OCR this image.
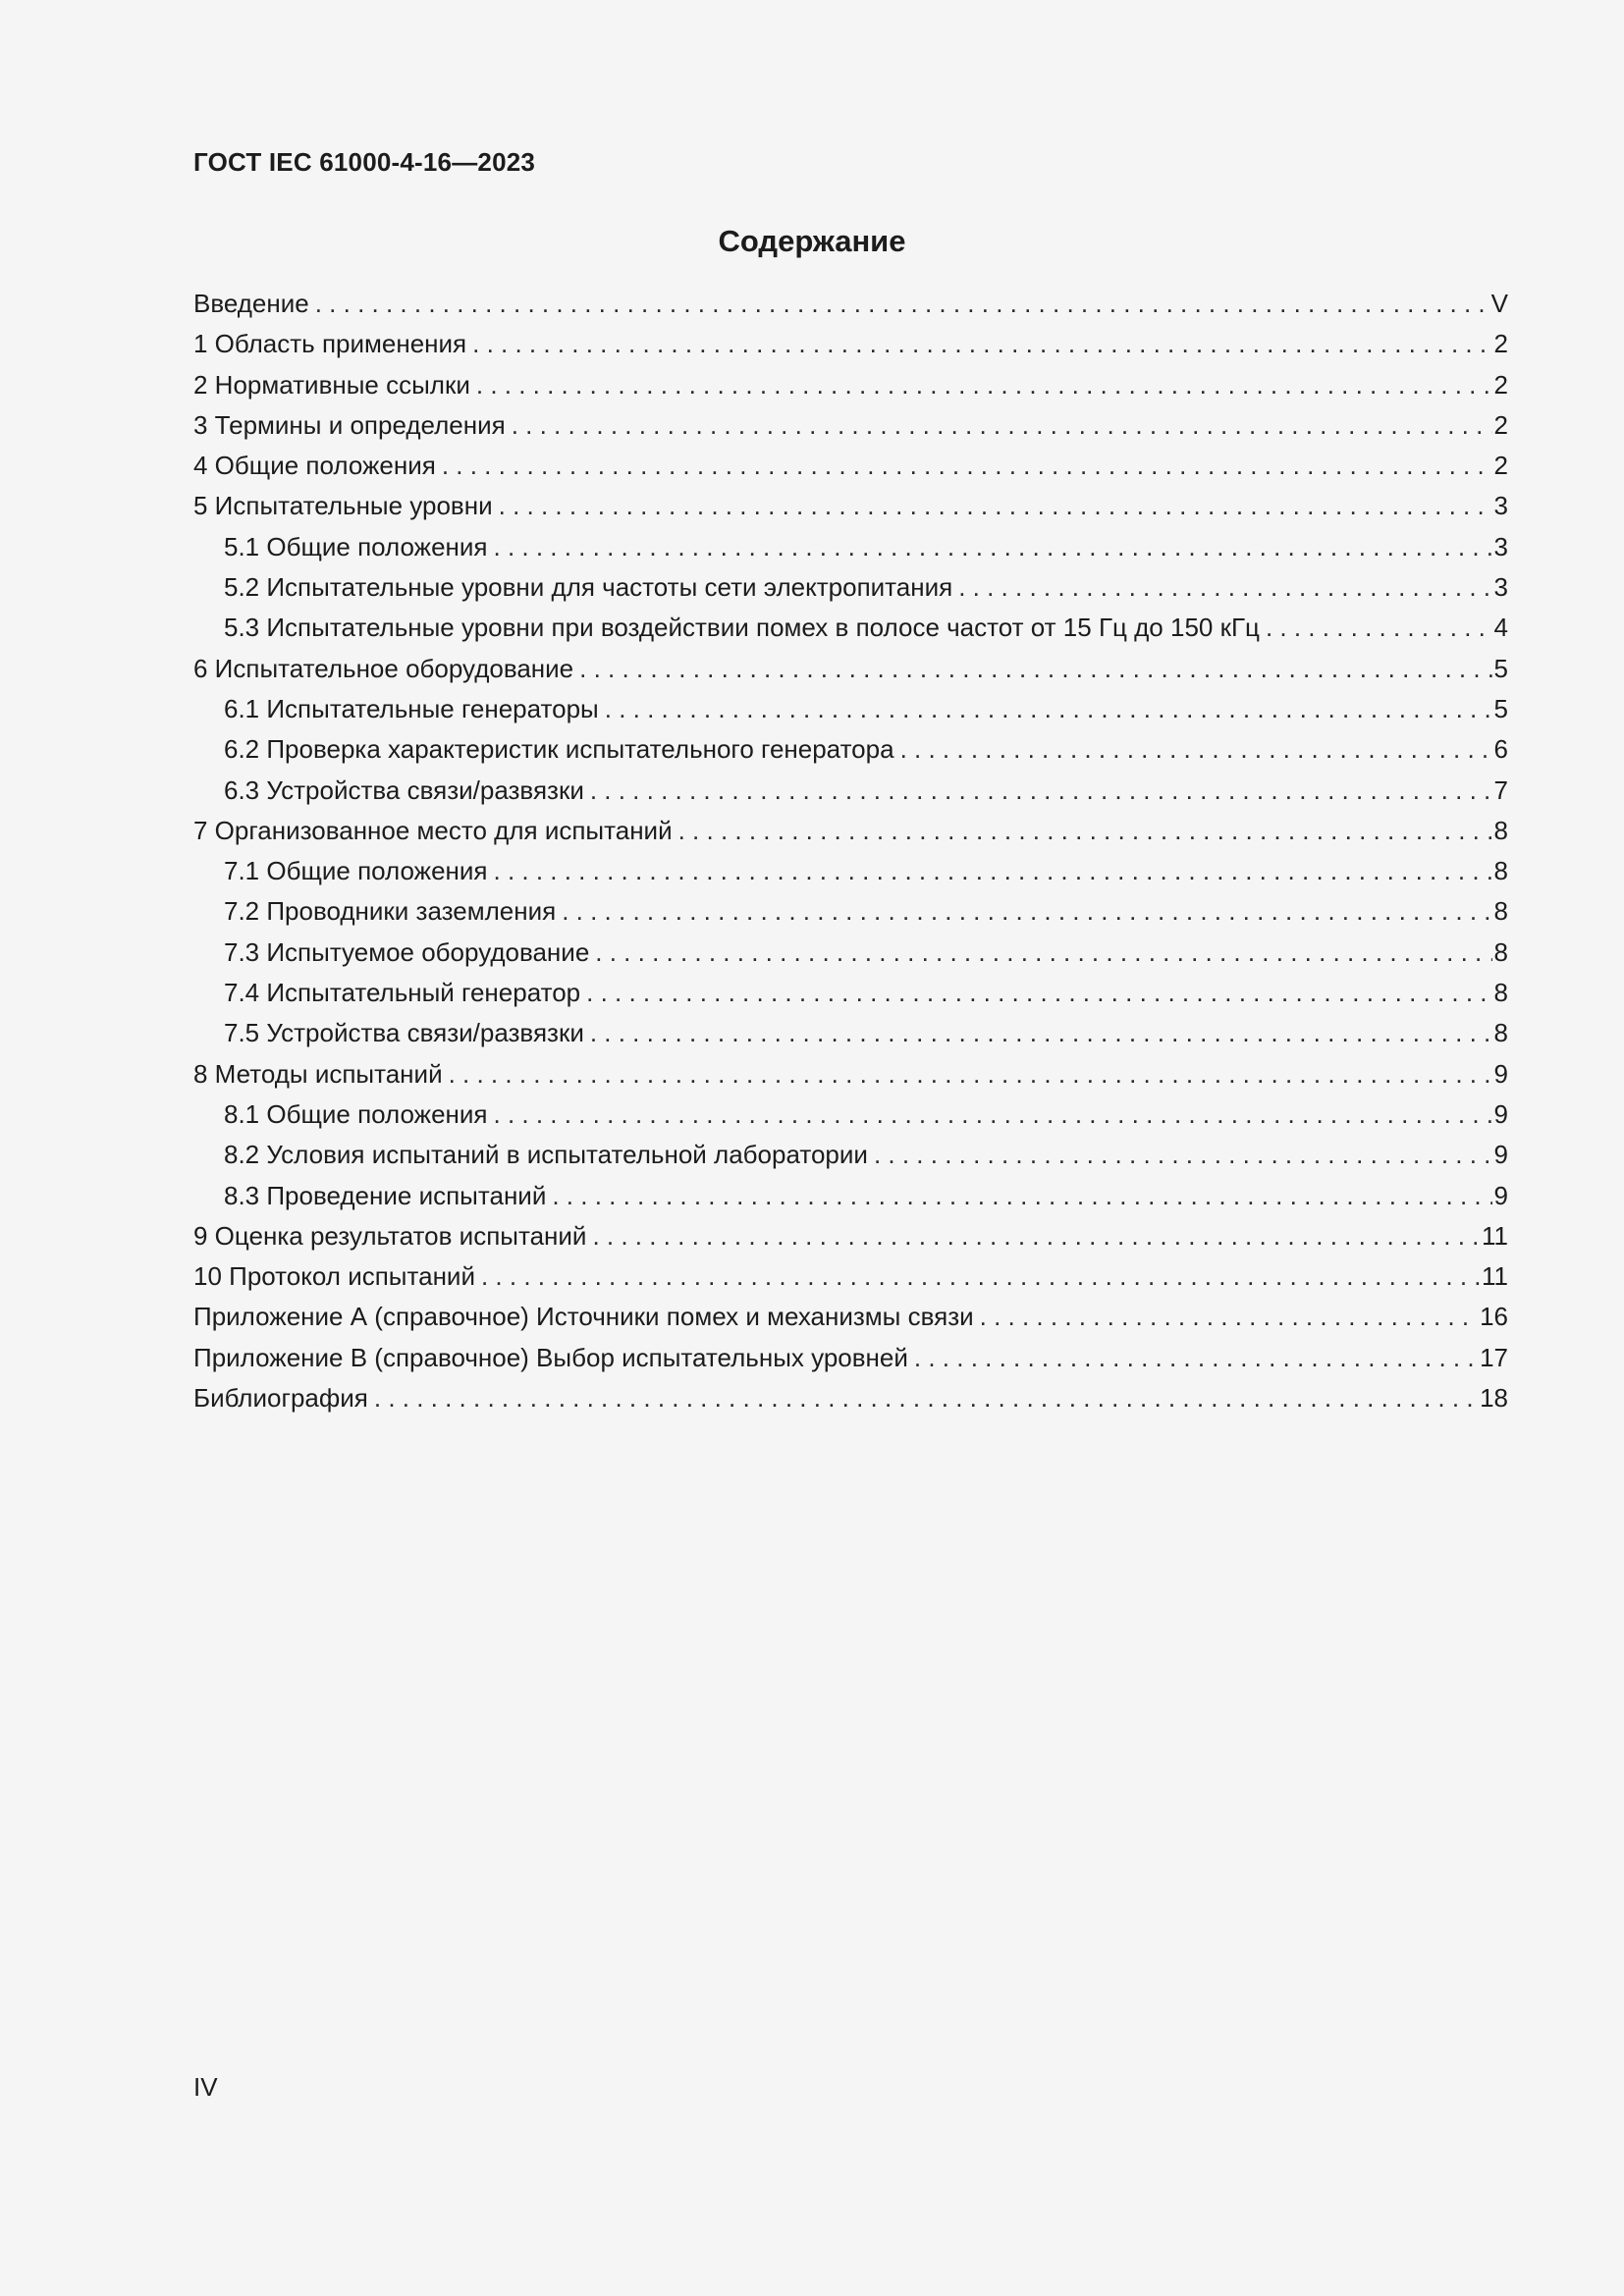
ГОСТ IEC 61000-4-16—2023
Содержание
Введение . . .	V
1 Область применения . . .	2
2 Нормативные ссылки . . .	2
3 Термины и определения . . .	2
4 Общие положения . . .	2
5 Испытательные уровни . . .	3
5.1 Общие положения . . .	3
5.2 Испытательные уровни для частоты сети электропитания . . .	3
5.3 Испытательные уровни при воздействии помех в полосе частот от 15 Гц до 150 кГц . . .	4
6 Испытательное оборудование . . .	5
6.1 Испытательные генераторы . . .	5
6.2 Проверка характеристик испытательного генератора . . .	6
6.3 Устройства связи/развязки . . .	7
7 Организованное место для испытаний . . .	8
7.1 Общие положения . . .	8
7.2 Проводники заземления . . .	8
7.3 Испытуемое оборудование . . .	8
7.4 Испытательный генератор . . .	8
7.5 Устройства связи/развязки . . .	8
8 Методы испытаний . . .	9
8.1 Общие положения . . .	9
8.2 Условия испытаний в испытательной лаборатории . . .	9
8.3 Проведение испытаний . . .	9
9 Оценка результатов испытаний . . .	11
10 Протокол испытаний . . .	11
Приложение А (справочное) Источники помех и механизмы связи . . .	16
Приложение В (справочное) Выбор испытательных уровней . . .	17
Библиография . . .	18
IV
